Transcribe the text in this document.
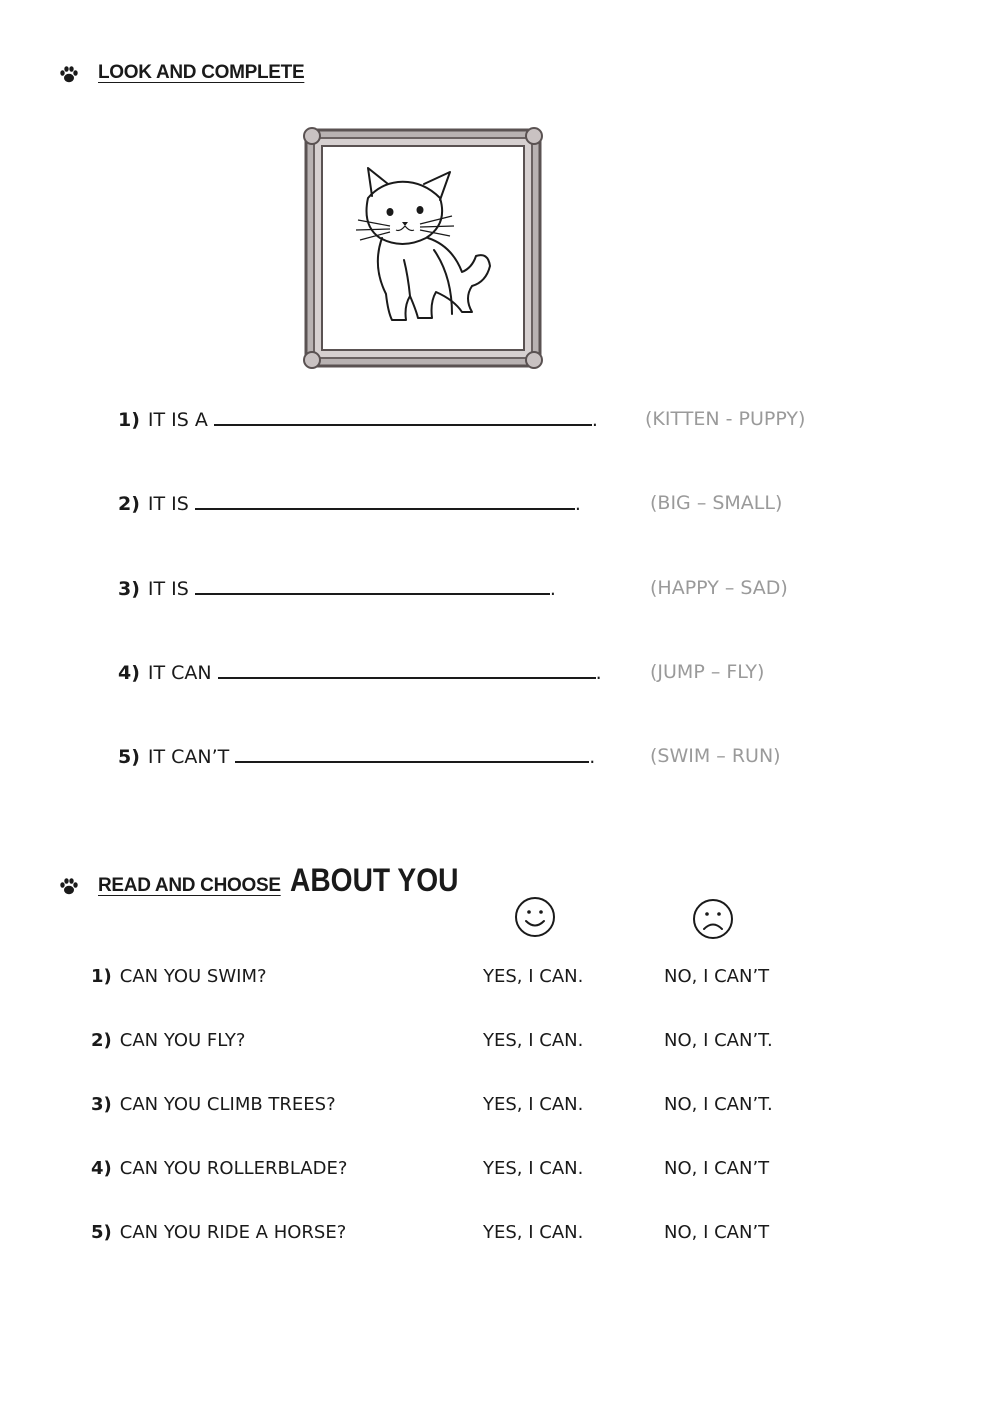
LOOK AND COMPLETE
1) IT IS A	. (KITTEN - PUPPY)
2) IT IS	.	(BIG – SMALL)
3) IT IS	.	(HAPPY – SAD)
4) IT CAN	.	(JUMP – FLY)
5) IT CAN’T	.	(SWIM – RUN)
READ AND CHOOSE ABOUT YOU
1) CAN YOU SWIM?	YES, I CAN.	NO, I CAN’T
2) CAN YOU FLY?	YES, I CAN.	NO, I CAN’T.
3) CAN YOU CLIMB TREES?	YES, I CAN.	NO, I CAN’T.
4) CAN YOU ROLLERBLADE?	YES, I CAN.	NO, I CAN’T
5) CAN YOU RIDE A HORSE?	YES, I CAN.	NO, I CAN’T
